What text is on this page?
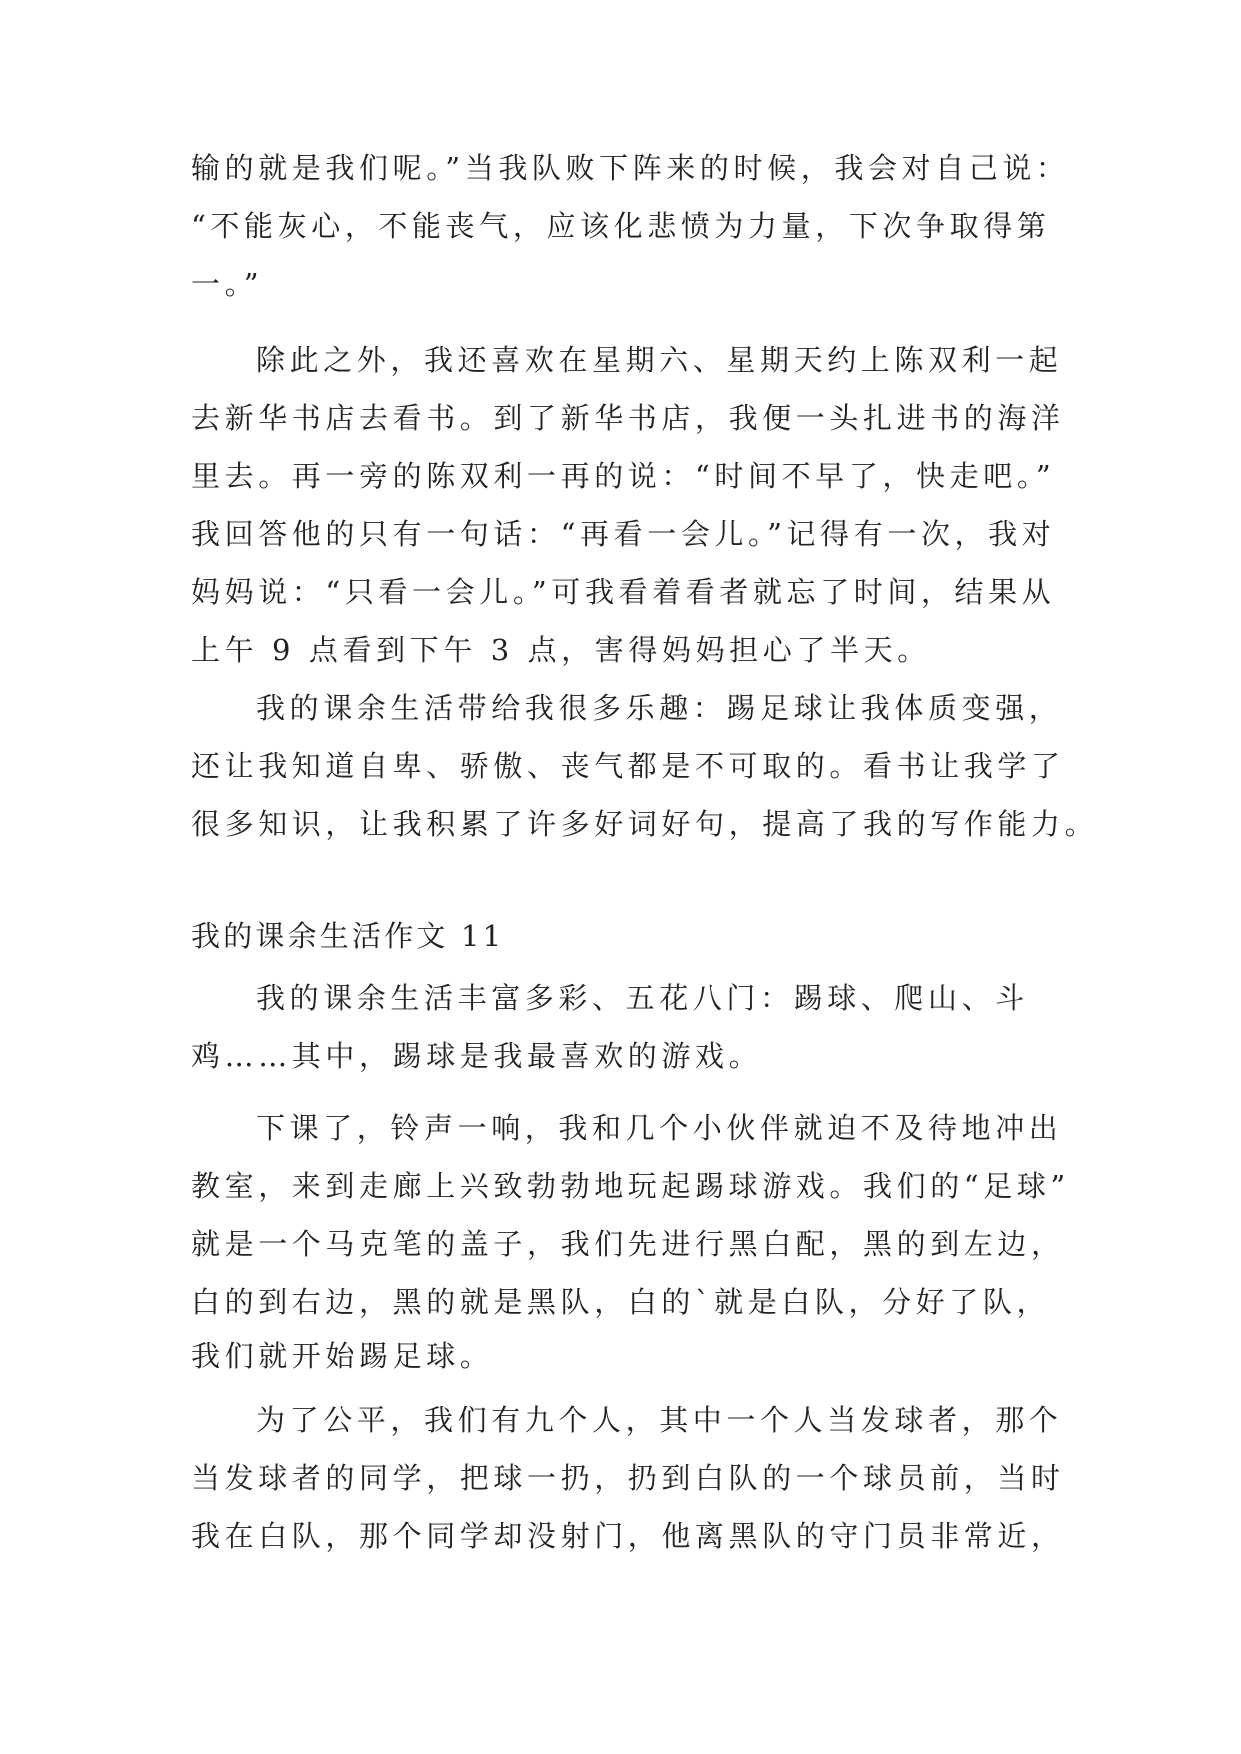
输的就是我们呢。”当我队败下阵来的时候，我会对自己说：

“不能灰心，不能丧气，应该化悲愤为力量，下次争取得第

一。”

除此之外，我还喜欢在星期六、星期天约上陈双利一起

去新华书店去看书。到了新华书店，我便一头扎进书的海洋

里去。再一旁的陈双利一再的说：“时间不早了，快走吧。”

我回答他的只有一句话：“再看一会儿。”记得有一次，我对

妈妈说：“只看一会儿。”可我看着看者就忘了时间，结果从

上午 9 点看到下午 3 点，害得妈妈担心了半天。

我的课余生活带给我很多乐趣：踢足球让我体质变强，

还让我知道自卑、骄傲、丧气都是不可取的。看书让我学了

很多知识，让我积累了许多好词好句，提高了我的写作能力。

我的课余生活作文 11

我的课余生活丰富多彩、五花八门：踢球、爬山、斗

鸡……其中，踢球是我最喜欢的游戏。

下课了，铃声一响，我和几个小伙伴就迫不及待地冲出

教室，来到走廊上兴致勃勃地玩起踢球游戏。我们的“足球”

就是一个马克笔的盖子，我们先进行黑白配，黑的到左边，

白的到右边，黑的就是黑队，白的`就是白队，分好了队，

我们就开始踢足球。

为了公平，我们有九个人，其中一个人当发球者，那个

当发球者的同学，把球一扔，扔到白队的一个球员前，当时

我在白队，那个同学却没射门，他离黑队的守门员非常近，
